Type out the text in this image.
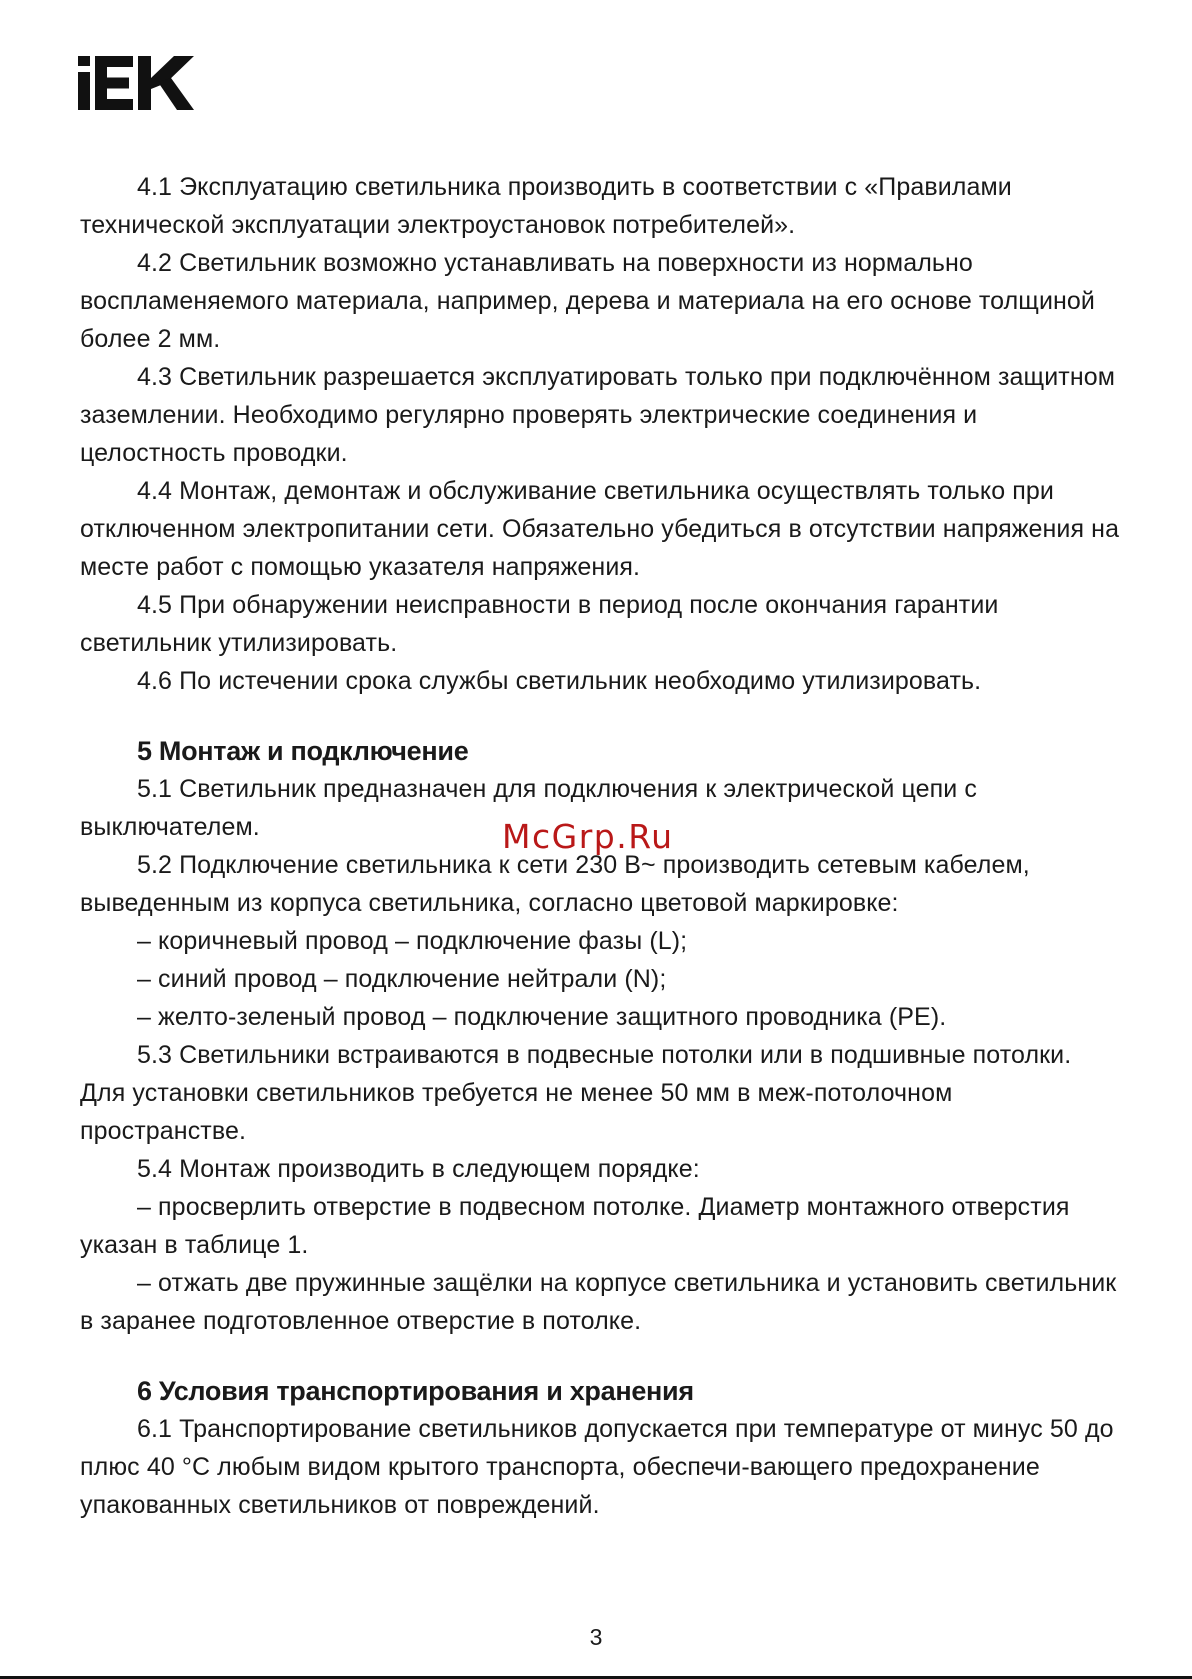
4.1 Эксплуатацию светильника производить в соответствии с «Правилами технической эксплуатации электроустановок потребителей».

4.2 Светильник возможно устанавливать на поверхности из нормально воспламеняемого материала, например, дерева и материала на его основе толщиной более 2 мм.

4.3 Светильник разрешается эксплуатировать только при подключённом защитном заземлении. Необходимо регулярно проверять электрические соединения и целостность проводки.

4.4 Монтаж, демонтаж и обслуживание светильника осуществлять только при отключенном электропитании сети. Обязательно убедиться в отсутствии напряжения на месте работ с помощью указателя напряжения.

4.5 При обнаружении неисправности в период после окончания гарантии светильник утилизировать.

4.6 По истечении срока службы светильник необходимо утилизировать.

5 Монтаж и подключение

5.1 Светильник предназначен для подключения к электрической цепи с выключателем.

5.2 Подключение светильника к сети 230 В~ производить сетевым кабелем, выведенным из корпуса светильника, согласно цветовой маркировке:

– коричневый провод – подключение фазы (L);

– синий провод – подключение нейтрали (N);

– желто-зеленый провод – подключение защитного проводника (PE).

5.3 Светильники встраиваются в подвесные потолки или в подшивные потолки. Для установки светильников требуется не менее 50 мм в меж-потолочном пространстве.

5.4 Монтаж производить в следующем порядке:

– просверлить отверстие в подвесном потолке. Диаметр монтажного отверстия указан в таблице 1.

– отжать две пружинные защёлки на корпусе светильника и установить светильник в заранее подготовленное отверстие в потолке.

6 Условия транспортирования и хранения

6.1 Транспортирование светильников допускается при температуре от минус 50 до плюс 40 °С любым видом крытого транспорта, обеспечи-вающего предохранение упакованных светильников от повреждений.

McGrp.Ru
3
